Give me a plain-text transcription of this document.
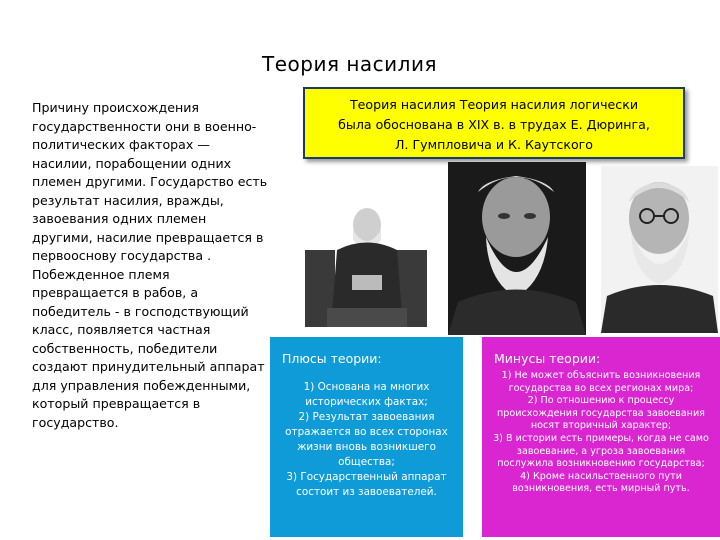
Теория насилия
Причину происхождения государственности они в военно-политических факторах — насилии, порабощении одних племен другими. Государство есть результат насилия, вражды, завоевания одних племен другими, насилие превращается в первооснову государства . Побежденное племя превращается в рабов, а победитель - в господствующий класс, появляется частная собственность, победители создают принудительный аппарат для управления побежденными, который превращается в государство.
Теория насилия Теория насилия логически
была обоснована в XIX в. в трудах Е. Дюринга,
Л. Гумпловича и К. Каутского
Плюсы теории:
1) Основана на многих исторических фактах;
2) Результат завоевания отражается во всех сторонах жизни вновь возникшего общества;
3) Государственный аппарат состоит из завоевателей.
Минусы теории:
1) Не может объяснить возникновения государства во всех регионах мира;
2) По отношению к процессу происхождения государства завоевания носят вторичный характер;
3) В истории есть примеры, когда не само завоевание, а угроза завоевания послужила возникновению государства;
4) Кроме насильственного пути возникновения, есть мирный путь.
